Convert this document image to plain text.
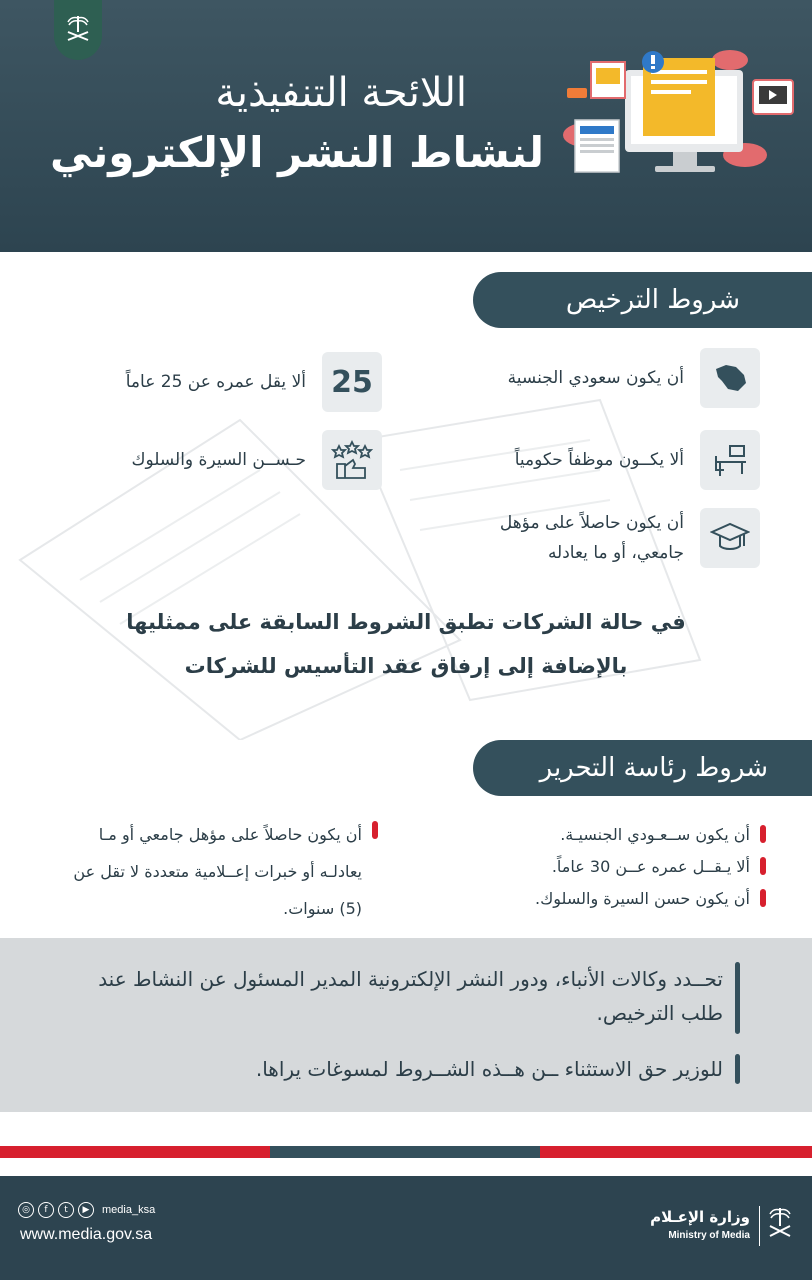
اللائحة التنفيذية
لنشاط النشر الإلكتروني
شروط الترخيص
أن يكون سعودي الجنسية
25
ألا يقل عمره عن 25 عاماً
ألا يكــون موظفاً حكومياً
حـســن السيرة والسلوك
أن يكون حاصلاً على مؤهل
جامعي، أو ما يعادله
في حالة الشركات تطبق الشروط السابقة على ممثليها
بالإضافة إلى إرفاق عقد التأسيس للشركات
شروط رئاسة التحرير
أن يكون ســعـودي الجنسيـة.
ألا يـقــل عمره عــن 30 عاماً.
أن يكون حسن السيرة والسلوك.
أن يكون حاصلاً على مؤهل جامعي أو مـا يعادلـه أو خبرات إعــلامية متعددة لا تقل عن (5) سنوات.
تحــدد وكالات الأنباء، ودور النشر الإلكترونية المدير المسئول عن النشاط عند طلب الترخيص.
للوزير حق الاستثناء ــن هــذه الشــروط لمسوغات يراها.
◎	f	t	▶	media_ksa
www.media.gov.sa
وزارة الإعـلام
Ministry of Media
